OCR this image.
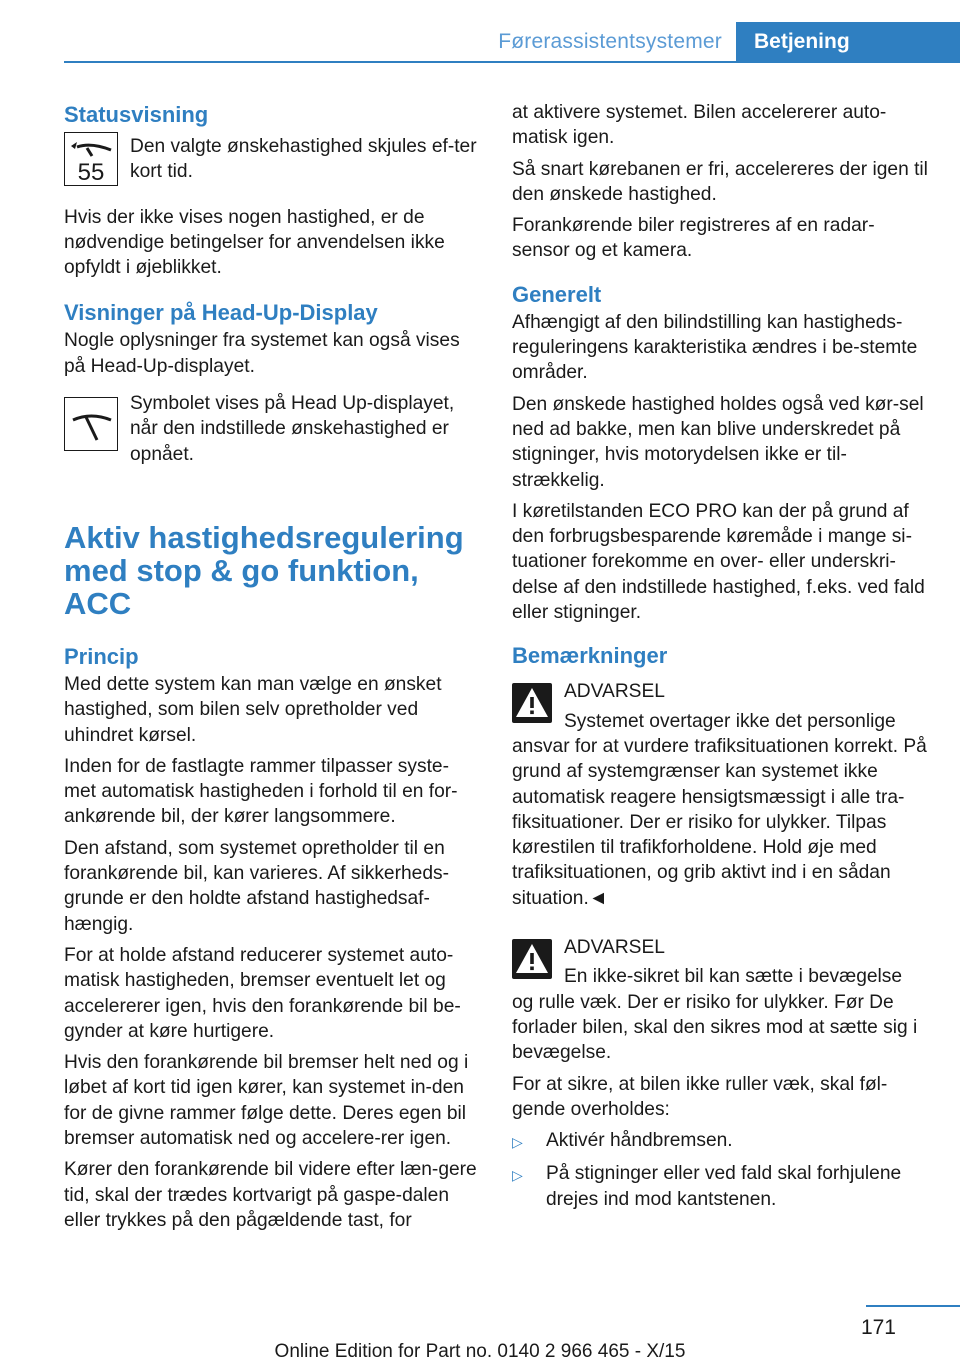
Førerassistentsystemer	Betjening
Statusvisning
55
Den valgte ønskehastighed skjules ef-ter kort tid.
Hvis der ikke vises nogen hastighed, er de nødvendige betingelser for anvendelsen ikke opfyldt i øjeblikket.
Visninger på Head-Up-Display
Nogle oplysninger fra systemet kan også vises på Head-Up-displayet.
Symbolet vises på Head Up-displayet, når den indstillede ønskehastighed er opnået.
Aktiv hastighedsregulering med stop & go funktion, ACC
Princip
Med dette system kan man vælge en ønsket hastighed, som bilen selv opretholder ved uhindret kørsel.
Inden for de fastlagte rammer tilpasser syste-met automatisk hastigheden i forhold til en for-ankørende bil, der kører langsommere.
Den afstand, som systemet opretholder til en forankørende bil, kan varieres. Af sikkerheds-grunde er den holdte afstand hastighedsaf-hængig.
For at holde afstand reducerer systemet auto-matisk hastigheden, bremser eventuelt let og accelererer igen, hvis den forankørende bil be-gynder at køre hurtigere.
Hvis den forankørende bil bremser helt ned og i løbet af kort tid igen kører, kan systemet in-den for de givne rammer følge dette. Deres egen bil bremser automatisk ned og accelere-rer igen.
Kører den forankørende bil videre efter læn-gere tid, skal der trædes kortvarigt på gaspe-dalen eller trykkes på den pågældende tast, for
at aktivere systemet. Bilen accelererer auto-matisk igen.
Så snart kørebanen er fri, accelereres der igen til den ønskede hastighed.
Forankørende biler registreres af en radar-sensor og et kamera.
Generelt
Afhængigt af den bilindstilling kan hastigheds-reguleringens karakteristika ændres i be-stemte områder.
Den ønskede hastighed holdes også ved kør-sel ned ad bakke, men kan blive underskredet på stigninger, hvis motorydelsen ikke er til-strækkelig.
I køretilstanden ECO PRO kan der på grund af den forbrugsbesparende køremåde i mange si-tuationer forekomme en over- eller underskri-delse af den indstillede hastighed, f.eks. ved fald eller stigninger.
Bemærkninger
ADVARSEL
Systemet overtager ikke det personlige ansvar for at vurdere trafiksituationen korrekt. På grund af systemgrænser kan systemet ikke automatisk reagere hensigtsmæssigt i alle tra-fiksituationer. Der er risiko for ulykker. Tilpas kørestilen til trafikforholdene. Hold øje med trafiksituationen, og grib aktivt ind i en sådan situation.◄
ADVARSEL
En ikke-sikret bil kan sætte i bevægelse og rulle væk. Der er risiko for ulykker. Før De forlader bilen, skal den sikres mod at sætte sig i bevægelse.
For at sikre, at bilen ikke ruller væk, skal føl-gende overholdes:
▷	Aktivér håndbremsen.
▷	På stigninger eller ved fald skal forhjulene drejes ind mod kantstenen.
171
Online Edition for Part no. 0140 2 966 465 - X/15
